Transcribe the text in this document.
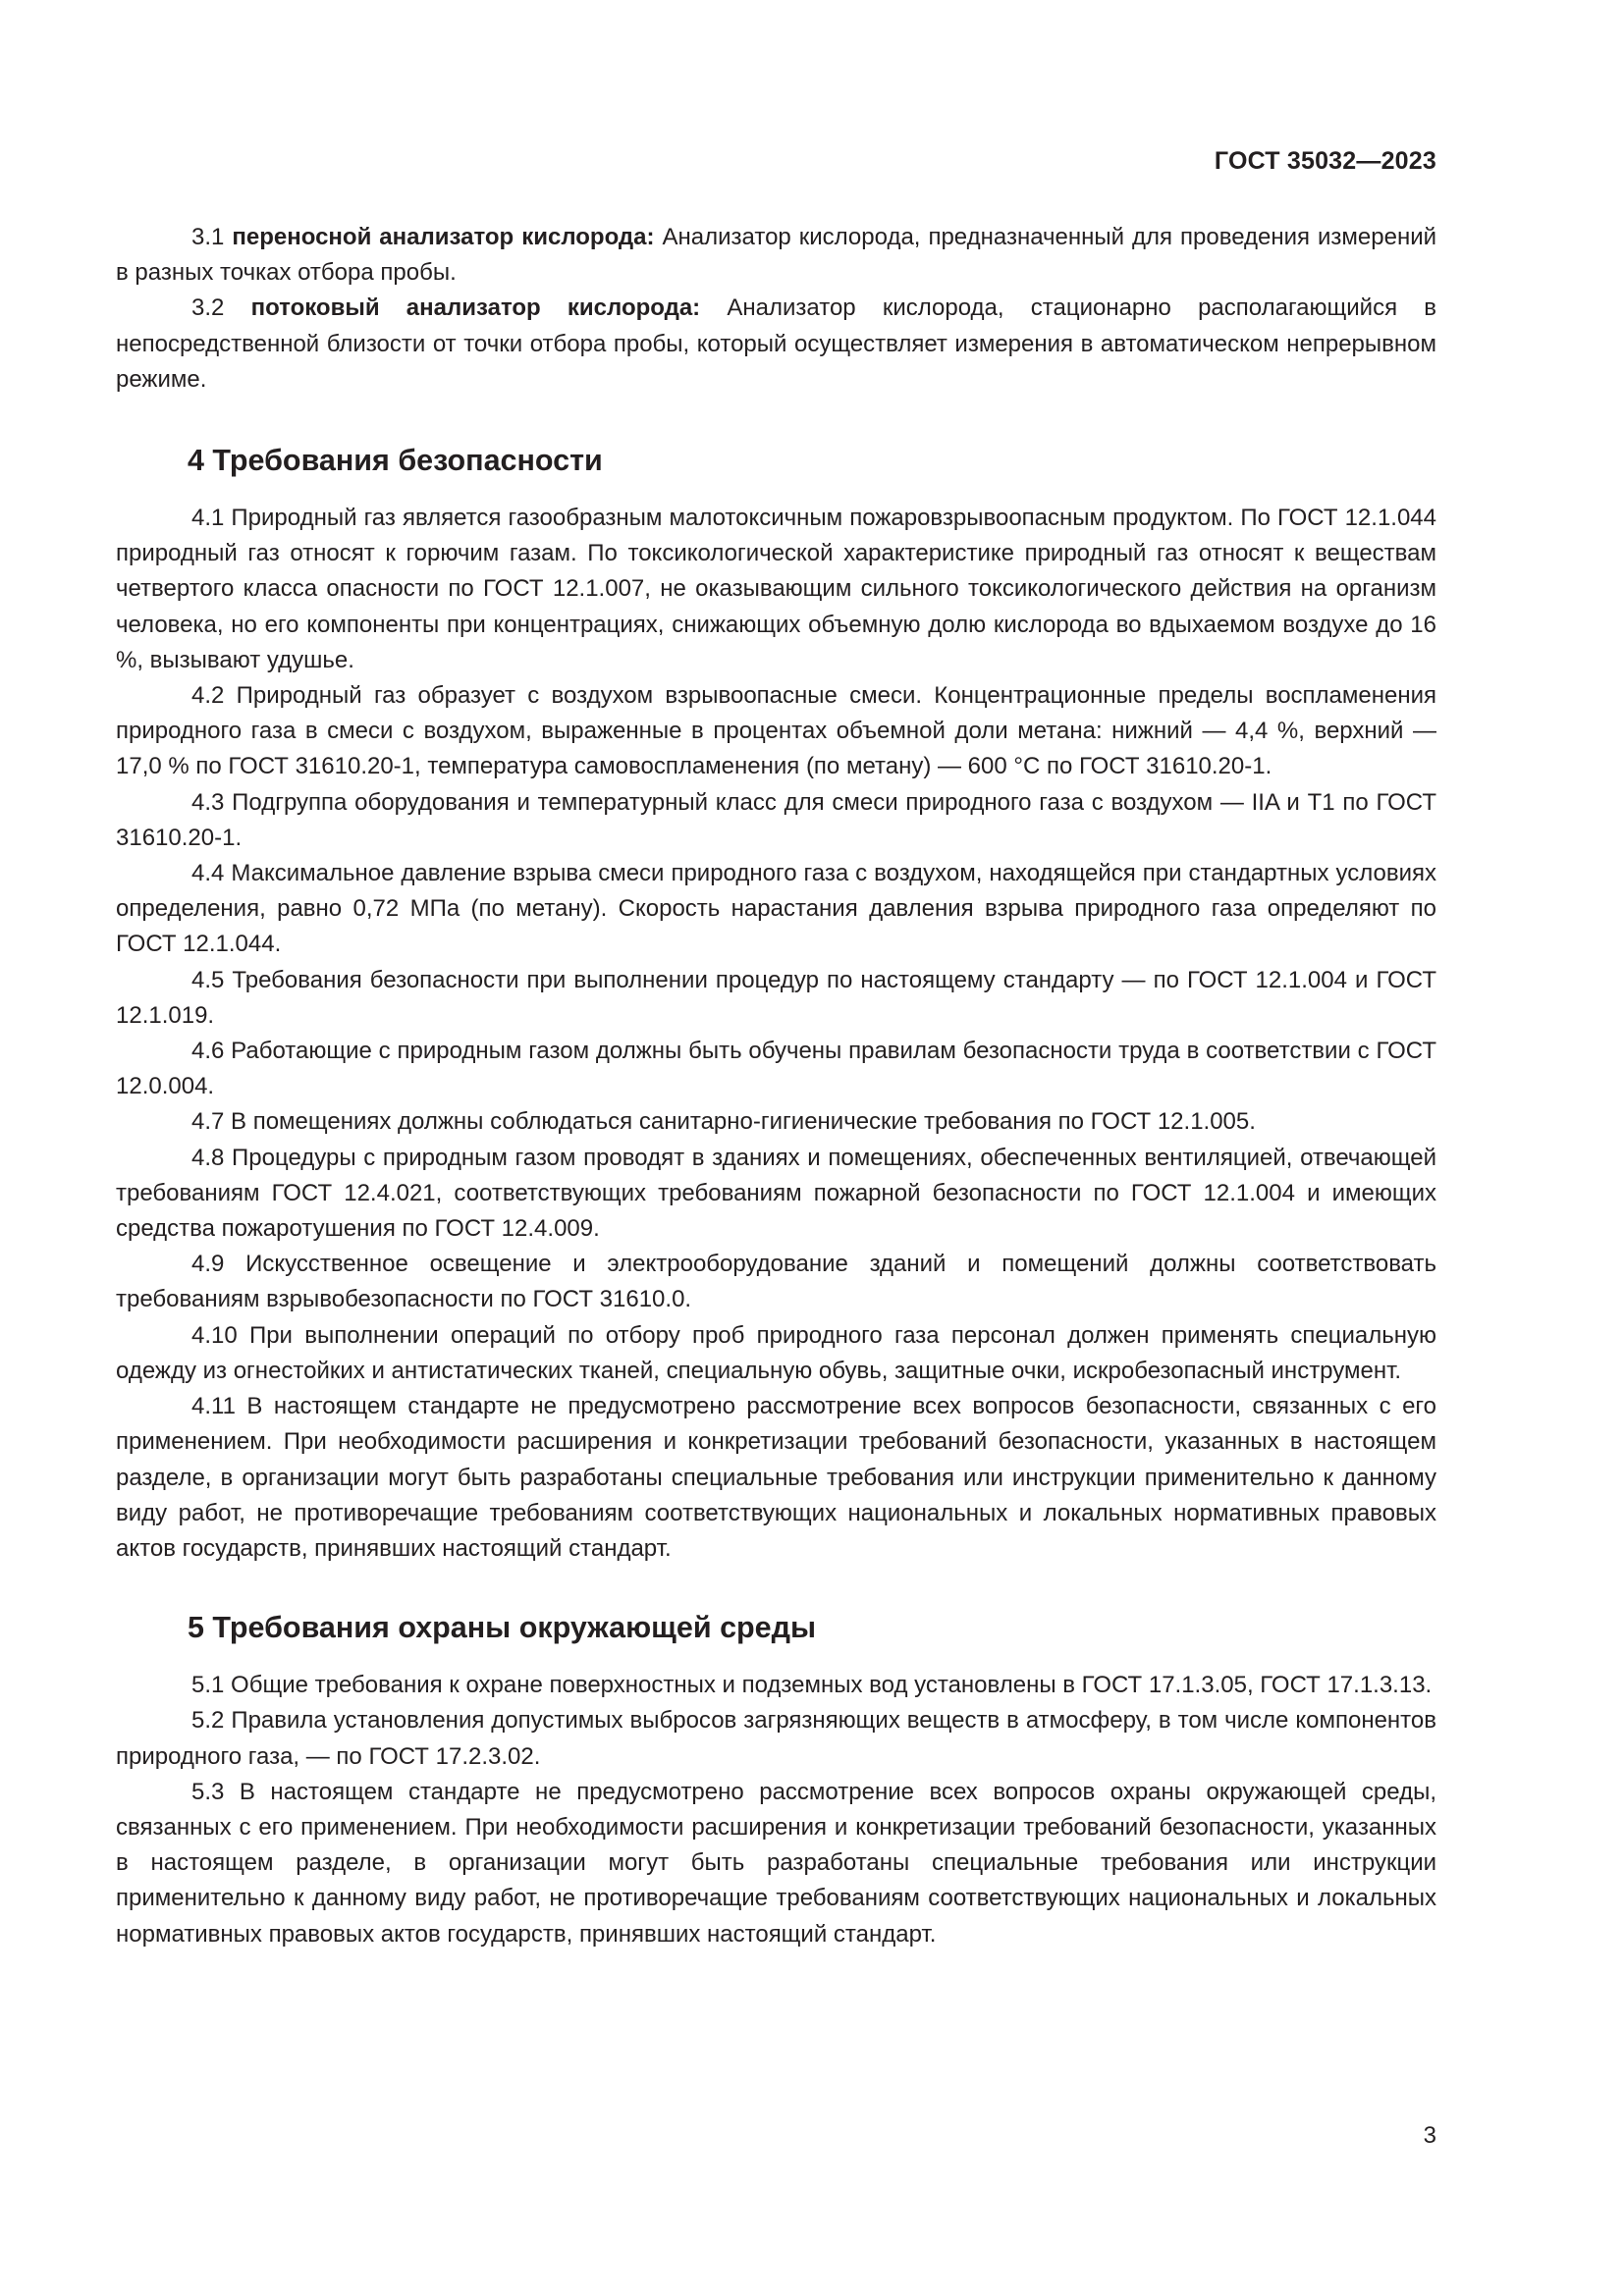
ГОСТ 35032—2023

3.1 переносной анализатор кислорода: Анализатор кислорода, предназначенный для проведения измерений в разных точках отбора пробы.

3.2 потоковый анализатор кислорода: Анализатор кислорода, стационарно располагающийся в непосредственной близости от точки отбора пробы, который осуществляет измерения в автоматическом непрерывном режиме.

4 Требования безопасности

4.1 Природный газ является газообразным малотоксичным пожаровзрывоопасным продуктом. По ГОСТ 12.1.044 природный газ относят к горючим газам. По токсикологической характеристике природный газ относят к веществам четвертого класса опасности по ГОСТ 12.1.007, не оказывающим сильного токсикологического действия на организм человека, но его компоненты при концентрациях, снижающих объемную долю кислорода во вдыхаемом воздухе до 16 %, вызывают удушье.

4.2 Природный газ образует с воздухом взрывоопасные смеси. Концентрационные пределы воспламенения природного газа в смеси с воздухом, выраженные в процентах объемной доли метана: нижний — 4,4 %, верхний — 17,0 % по ГОСТ 31610.20-1, температура самовоспламенения (по метану) — 600 °С по ГОСТ 31610.20-1.

4.3 Подгруппа оборудования и температурный класс для смеси природного газа с воздухом — IIA и Т1 по ГОСТ 31610.20-1.

4.4 Максимальное давление взрыва смеси природного газа с воздухом, находящейся при стандартных условиях определения, равно 0,72 МПа (по метану). Скорость нарастания давления взрыва природного газа определяют по ГОСТ 12.1.044.

4.5 Требования безопасности при выполнении процедур по настоящему стандарту — по ГОСТ 12.1.004 и ГОСТ 12.1.019.

4.6 Работающие с природным газом должны быть обучены правилам безопасности труда в соответствии с ГОСТ 12.0.004.

4.7 В помещениях должны соблюдаться санитарно-гигиенические требования по ГОСТ 12.1.005.

4.8 Процедуры с природным газом проводят в зданиях и помещениях, обеспеченных вентиляцией, отвечающей требованиям ГОСТ 12.4.021, соответствующих требованиям пожарной безопасности по ГОСТ 12.1.004 и имеющих средства пожаротушения по ГОСТ 12.4.009.

4.9 Искусственное освещение и электрооборудование зданий и помещений должны соответствовать требованиям взрывобезопасности по ГОСТ 31610.0.

4.10 При выполнении операций по отбору проб природного газа персонал должен применять специальную одежду из огнестойких и антистатических тканей, специальную обувь, защитные очки, искробезопасный инструмент.

4.11 В настоящем стандарте не предусмотрено рассмотрение всех вопросов безопасности, связанных с его применением. При необходимости расширения и конкретизации требований безопасности, указанных в настоящем разделе, в организации могут быть разработаны специальные требования или инструкции применительно к данному виду работ, не противоречащие требованиям соответствующих национальных и локальных нормативных правовых актов государств, принявших настоящий стандарт.

5 Требования охраны окружающей среды

5.1 Общие требования к охране поверхностных и подземных вод установлены в ГОСТ 17.1.3.05, ГОСТ 17.1.3.13.

5.2 Правила установления допустимых выбросов загрязняющих веществ в атмосферу, в том числе компонентов природного газа, — по ГОСТ 17.2.3.02.

5.3 В настоящем стандарте не предусмотрено рассмотрение всех вопросов охраны окружающей среды, связанных с его применением. При необходимости расширения и конкретизации требований безопасности, указанных в настоящем разделе, в организации могут быть разработаны специальные требования или инструкции применительно к данному виду работ, не противоречащие требованиям соответствующих национальных и локальных нормативных правовых актов государств, принявших настоящий стандарт.

3
